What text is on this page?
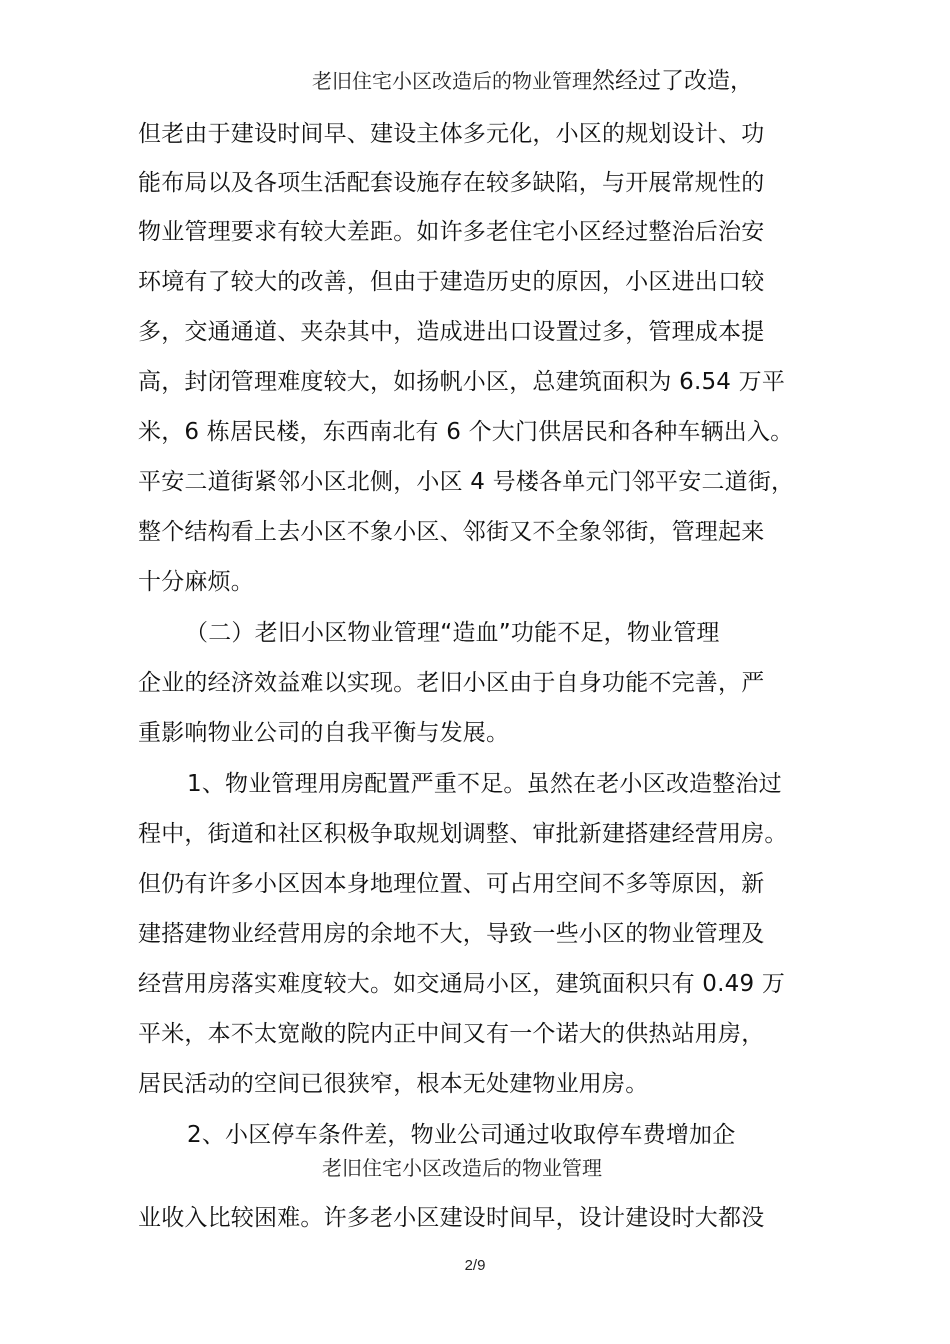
老旧住宅小区改造后的物业管理然经过了改造，
但老由于建设时间早、建设主体多元化，小区的规划设计、功
能布局以及各项生活配套设施存在较多缺陷，与开展常规性的
物业管理要求有较大差距。如许多老住宅小区经过整治后治安
环境有了较大的改善，但由于建造历史的原因，小区进出口较
多，交通通道、夹杂其中，造成进出口设置过多，管理成本提
高，封闭管理难度较大，如扬帆小区，总建筑面积为 6.54 万平
米，6 栋居民楼，东西南北有 6 个大门供居民和各种车辆出入。
平安二道街紧邻小区北侧，小区 4 号楼各单元门邻平安二道街，
整个结构看上去小区不象小区、邻街又不全象邻街，管理起来
十分麻烦。
（二）老旧小区物业管理“造血”功能不足，物业管理
企业的经济效益难以实现。老旧小区由于自身功能不完善，严
重影响物业公司的自我平衡与发展。
1、物业管理用房配置严重不足。虽然在老小区改造整治过
程中，街道和社区积极争取规划调整、审批新建搭建经营用房。
但仍有许多小区因本身地理位置、可占用空间不多等原因，新
建搭建物业经营用房的余地不大，导致一些小区的物业管理及
经营用房落实难度较大。如交通局小区，建筑面积只有 0.49 万
平米，本不太宽敞的院内正中间又有一个诺大的供热站用房，
居民活动的空间已很狭窄，根本无处建物业用房。
2、小区停车条件差，物业公司通过收取停车费增加企
老旧住宅小区改造后的物业管理
业收入比较困难。许多老小区建设时间早，设计建设时大都没
2/9
